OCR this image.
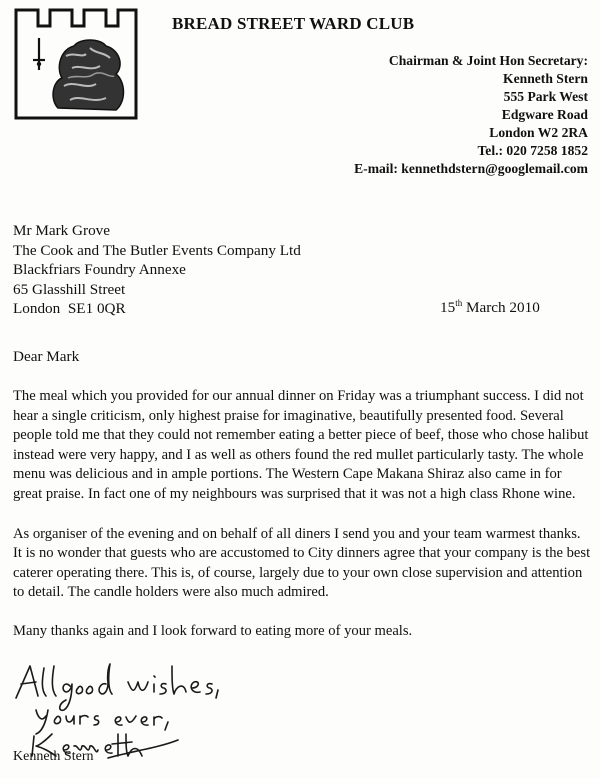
BREAD STREET WARD CLUB
Chairman & Joint Hon Secretary:
Kenneth Stern
555 Park West
Edgware Road
London W2 2RA
Tel.: 020 7258 1852
E-mail: kennethdstern@googlemail.com
Mr Mark Grove
The Cook and The Butler Events Company Ltd
Blackfriars Foundry Annexe
65 Glasshill Street
London  SE1 0QR	15th March 2010
Dear Mark

The meal which you provided for our annual dinner on Friday was a triumphant success. I did not hear a single criticism, only highest praise for imaginative, beautifully presented food. Several people told me that they could not remember eating a better piece of beef, those who chose halibut instead were very happy, and I as well as others found the red mullet particularly tasty. The whole menu was delicious and in ample portions. The Western Cape Makana Shiraz also came in for great praise. In fact one of my neighbours was surprised that it was not a high class Rhone wine.

As organiser of the evening and on behalf of all diners I send you and your team warmest thanks. It is no wonder that guests who are accustomed to City dinners agree that your company is the best caterer operating there. This is, of course, largely due to your own close supervision and attention to detail. The candle holders were also much admired.

Many thanks again and I look forward to eating more of your meals.

Kenneth Stern
